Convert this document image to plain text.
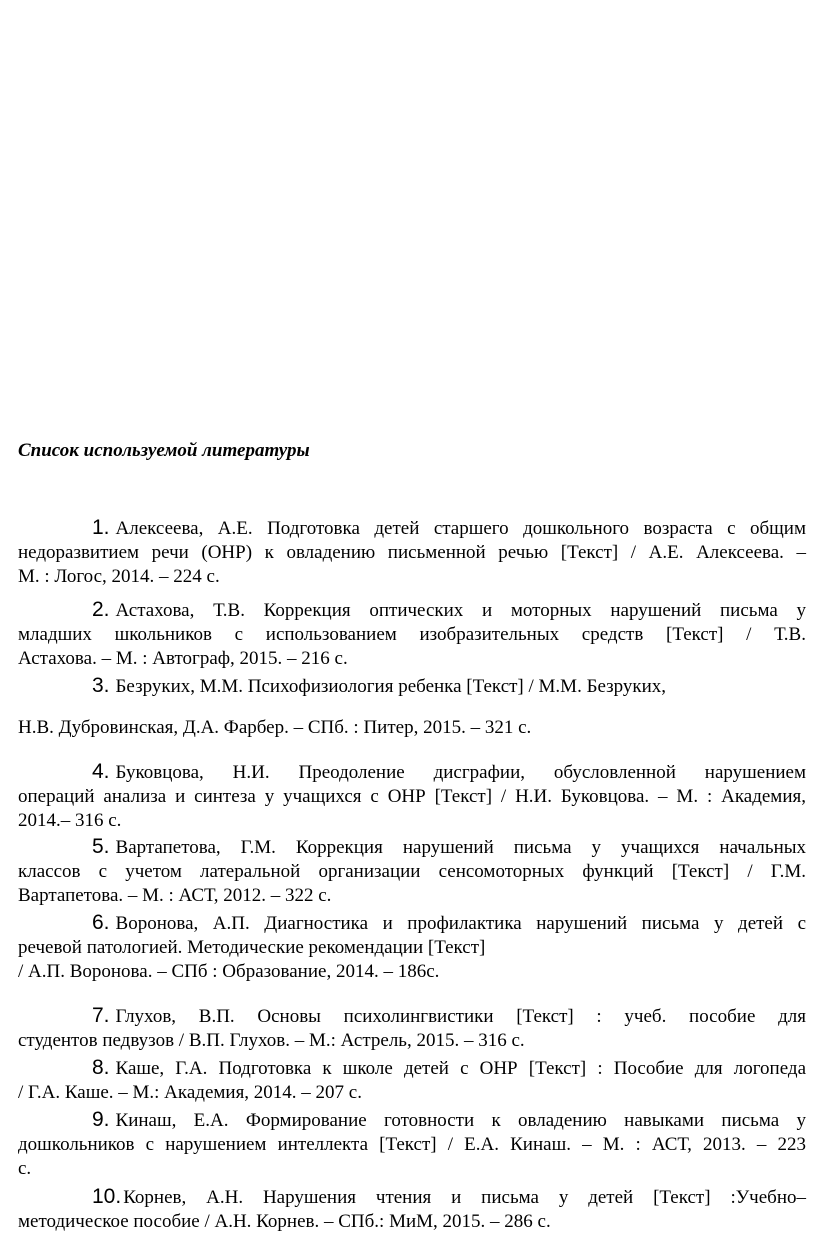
Список используемой литературы
1. Алексеева, А.Е. Подготовка детей старшего дошкольного возраста с общим
недоразвитием речи (ОНР) к овладению письменной речью [Текст] / А.Е. Алексеева. –
М. : Логос, 2014. – 224 с.
2. Астахова, Т.В. Коррекция оптических и моторных нарушений письма у
младших школьников с использованием изобразительных средств [Текст] / Т.В.
Астахова. – М. : Автограф, 2015. – 216 с.
3. Безруких, М.М. Психофизиология ребенка [Текст] / М.М. Безруких,
Н.В. Дубровинская, Д.А. Фарбер. – СПб. : Питер, 2015. – 321 с.
4. Буковцова, Н.И. Преодоление дисграфии, обусловленной нарушением
операций анализа и синтеза у учащихся с ОНР [Текст] / Н.И. Буковцова. – М. : Академия,
2014.– 316 с.
5. Вартапетова, Г.М. Коррекция нарушений письма у учащихся начальных
классов с учетом латеральной организации сенсомоторных функций [Текст] / Г.М.
Вартапетова. – М. : АСТ, 2012. – 322 с.
6. Воронова, А.П. Диагностика и профилактика нарушений письма у детей с
речевой патологией. Методические рекомендации [Текст]
/ А.П. Воронова. – СПб : Образование, 2014. – 186с.
7. Глухов, В.П. Основы психолингвистики [Текст] : учеб. пособие для
студентов педвузов / В.П. Глухов. – М.: Астрель, 2015. – 316 с.
8. Каше, Г.А. Подготовка к школе детей с ОНР [Текст] : Пособие для логопеда
/ Г.А. Каше. – М.: Академия, 2014. – 207 с.
9. Кинаш, Е.А. Формирование готовности к овладению навыками письма у
дошкольников с нарушением интеллекта [Текст] / Е.А. Кинаш. – М. : АСТ, 2013. – 223
с.
10. Корнев, А.Н. Нарушения чтения и письма у детей [Текст] :Учебно–
методическое пособие / А.Н. Корнев. – СПб.: МиМ, 2015. – 286 с.
